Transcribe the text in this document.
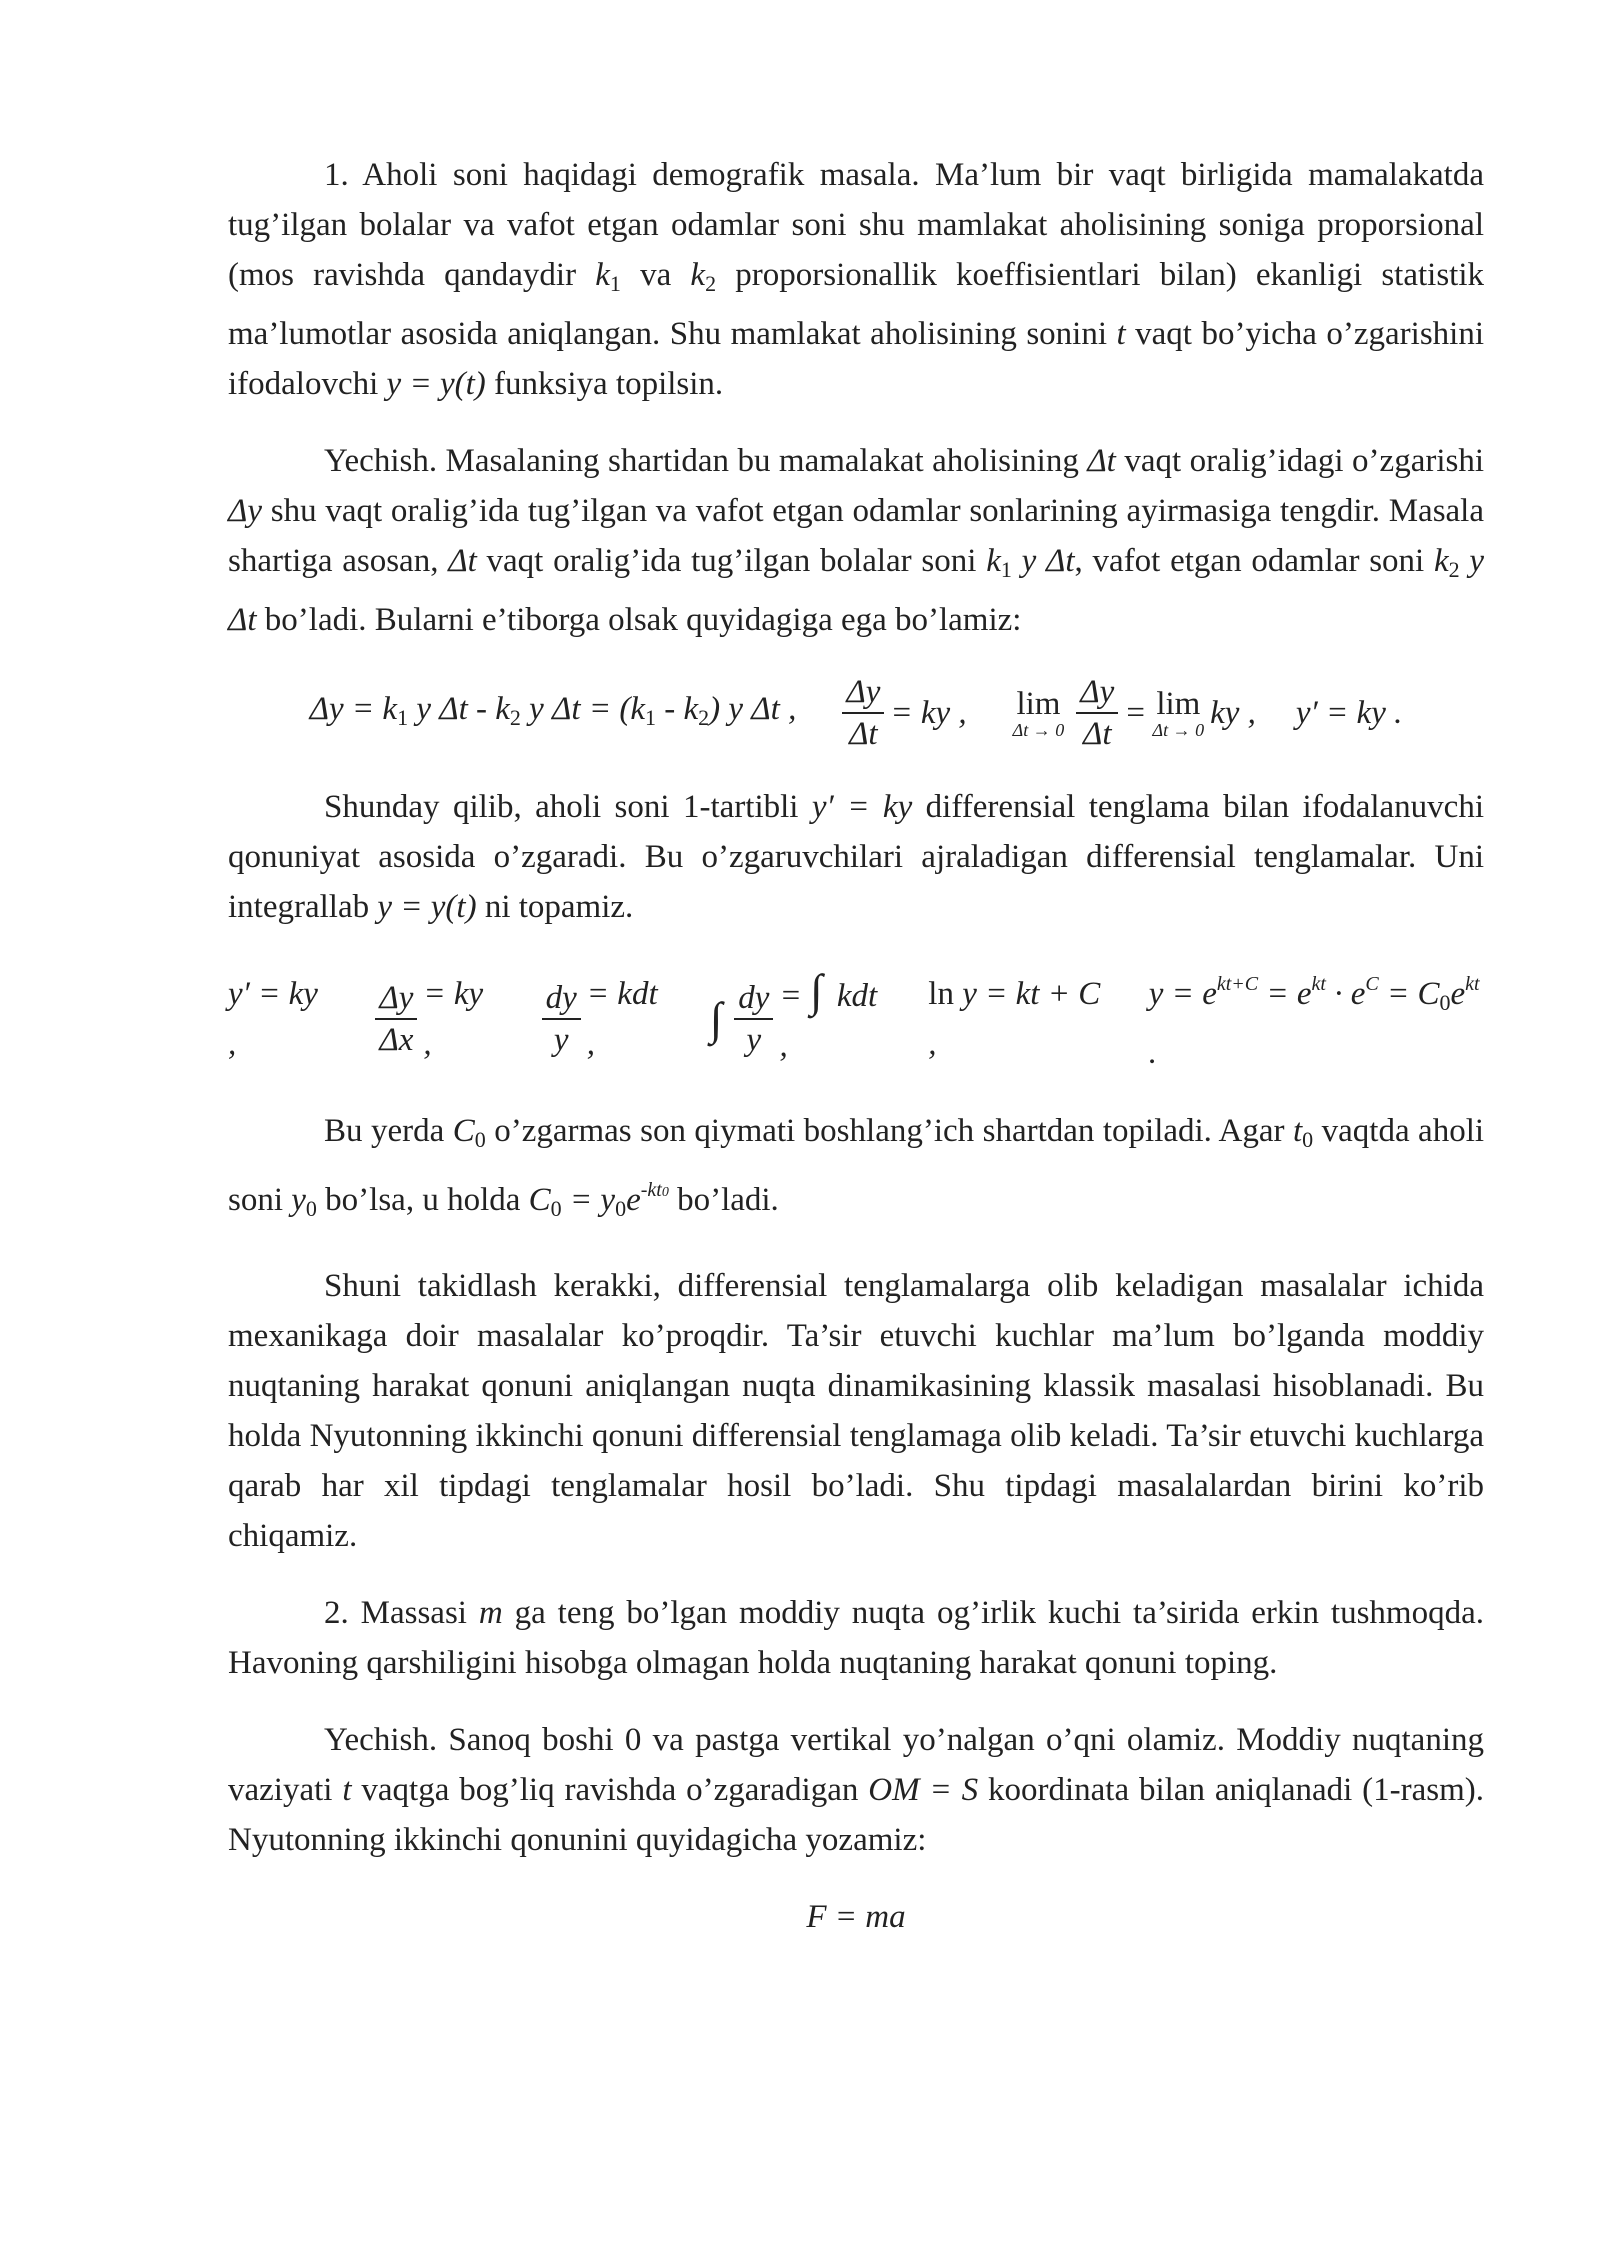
1. Aholi soni haqidagi demografik masala. Ma’lum bir vaqt birligida mamalakatda tug’ilgan bolalar va vafot etgan odamlar soni shu mamlakat aholisining soniga proporsional (mos ravishda qandaydir $k_1$ va $k_2$ proporsionallik koeffisientlari bilan) ekanligi statistik ma’lumotlar asosida aniqlangan. Shu mamlakat aholisining sonini t vaqt bo’yicha o’zgarishini ifodalovchi y = y(t) funksiya topilsin.

Yechish. Masalaning shartidan bu mamalakat aholisining Δt vaqt oralig’idagi o’zgarishi Δy shu vaqt oralig’ida tug’ilgan va vafot etgan odamlar sonlarining ayirmasiga tengdir. Masala shartiga asosan, Δt vaqt oralig’ida tug’ilgan bolalar soni $k_1$ y Δt, vafot etgan odamlar soni $k_2$ y Δt bo’ladi. Bularni e’tiborga olsak quyidagiga ega bo’lamiz:

$\Delta y = k_1$ y Δt - $k_2$ y $\Delta t = (k_1 - k_2)$ y Δt , $\frac{\Delta y}{\Delta t}$ = ky , lim
$\Delta t \to 0 \frac{\Delta y}{\Delta t} = \lim$
Δt → 0 ky , y′ = ky .

Shunday qilib, aholi soni 1-tartibli y′ = ky differensial tenglama bilan ifodalanuvchi qonuniyat asosida o’zgaradi. Bu o’zgaruvchilari ajraladigan differensial tenglamalar. Uni integrallab y = y(t) ni topamiz.

y′ = ky ,	$\frac{\Delta y}{\Delta x}$ = ky ,	$\frac{dy}{y}$ = kdt ,	∫ $\frac{dy}{y}$ = ∫ kdt ,
ln y = kt + C ,
$y = e^{kt+C} = e^{kt} \cdot e^C = C_0e^{kt}$ .

Bu yerda $C_0$ o’zgarmas son qiymati boshlang’ich shartdan topiladi. Agar $t_0$ vaqtda aholi soni $y_0$ bo’lsa, u holda $C_0 = y_0e^{-kt0}$ bo’ladi.

Shuni takidlash kerakki, differensial tenglamalarga olib keladigan masalalar ichida mexanikaga doir masalalar ko’proqdir. Ta’sir etuvchi kuchlar ma’lum bo’lganda moddiy nuqtaning harakat qonuni aniqlangan nuqta dinamikasining klassik masalasi hisoblanadi. Bu holda Nyutonning ikkinchi qonuni differensial tenglamaga olib keladi. Ta’sir etuvchi kuchlarga qarab har xil tipdagi tenglamalar hosil bo’ladi. Shu tipdagi masalalardan birini ko’rib chiqamiz.

2. Massasi m ga teng bo’lgan moddiy nuqta og’irlik kuchi ta’sirida erkin tushmoqda. Havoning qarshiligini hisobga olmagan holda nuqtaning harakat qonuni toping.

Yechish. Sanoq boshi 0 va pastga vertikal yo’nalgan o’qni olamiz. Moddiy nuqtaning vaziyati t vaqtga bog’liq ravishda o’zgaradigan OM = S koordinata bilan aniqlanadi (1-rasm). Nyutonning ikkinchi qonunini quyidagicha yozamiz:

F = ma
